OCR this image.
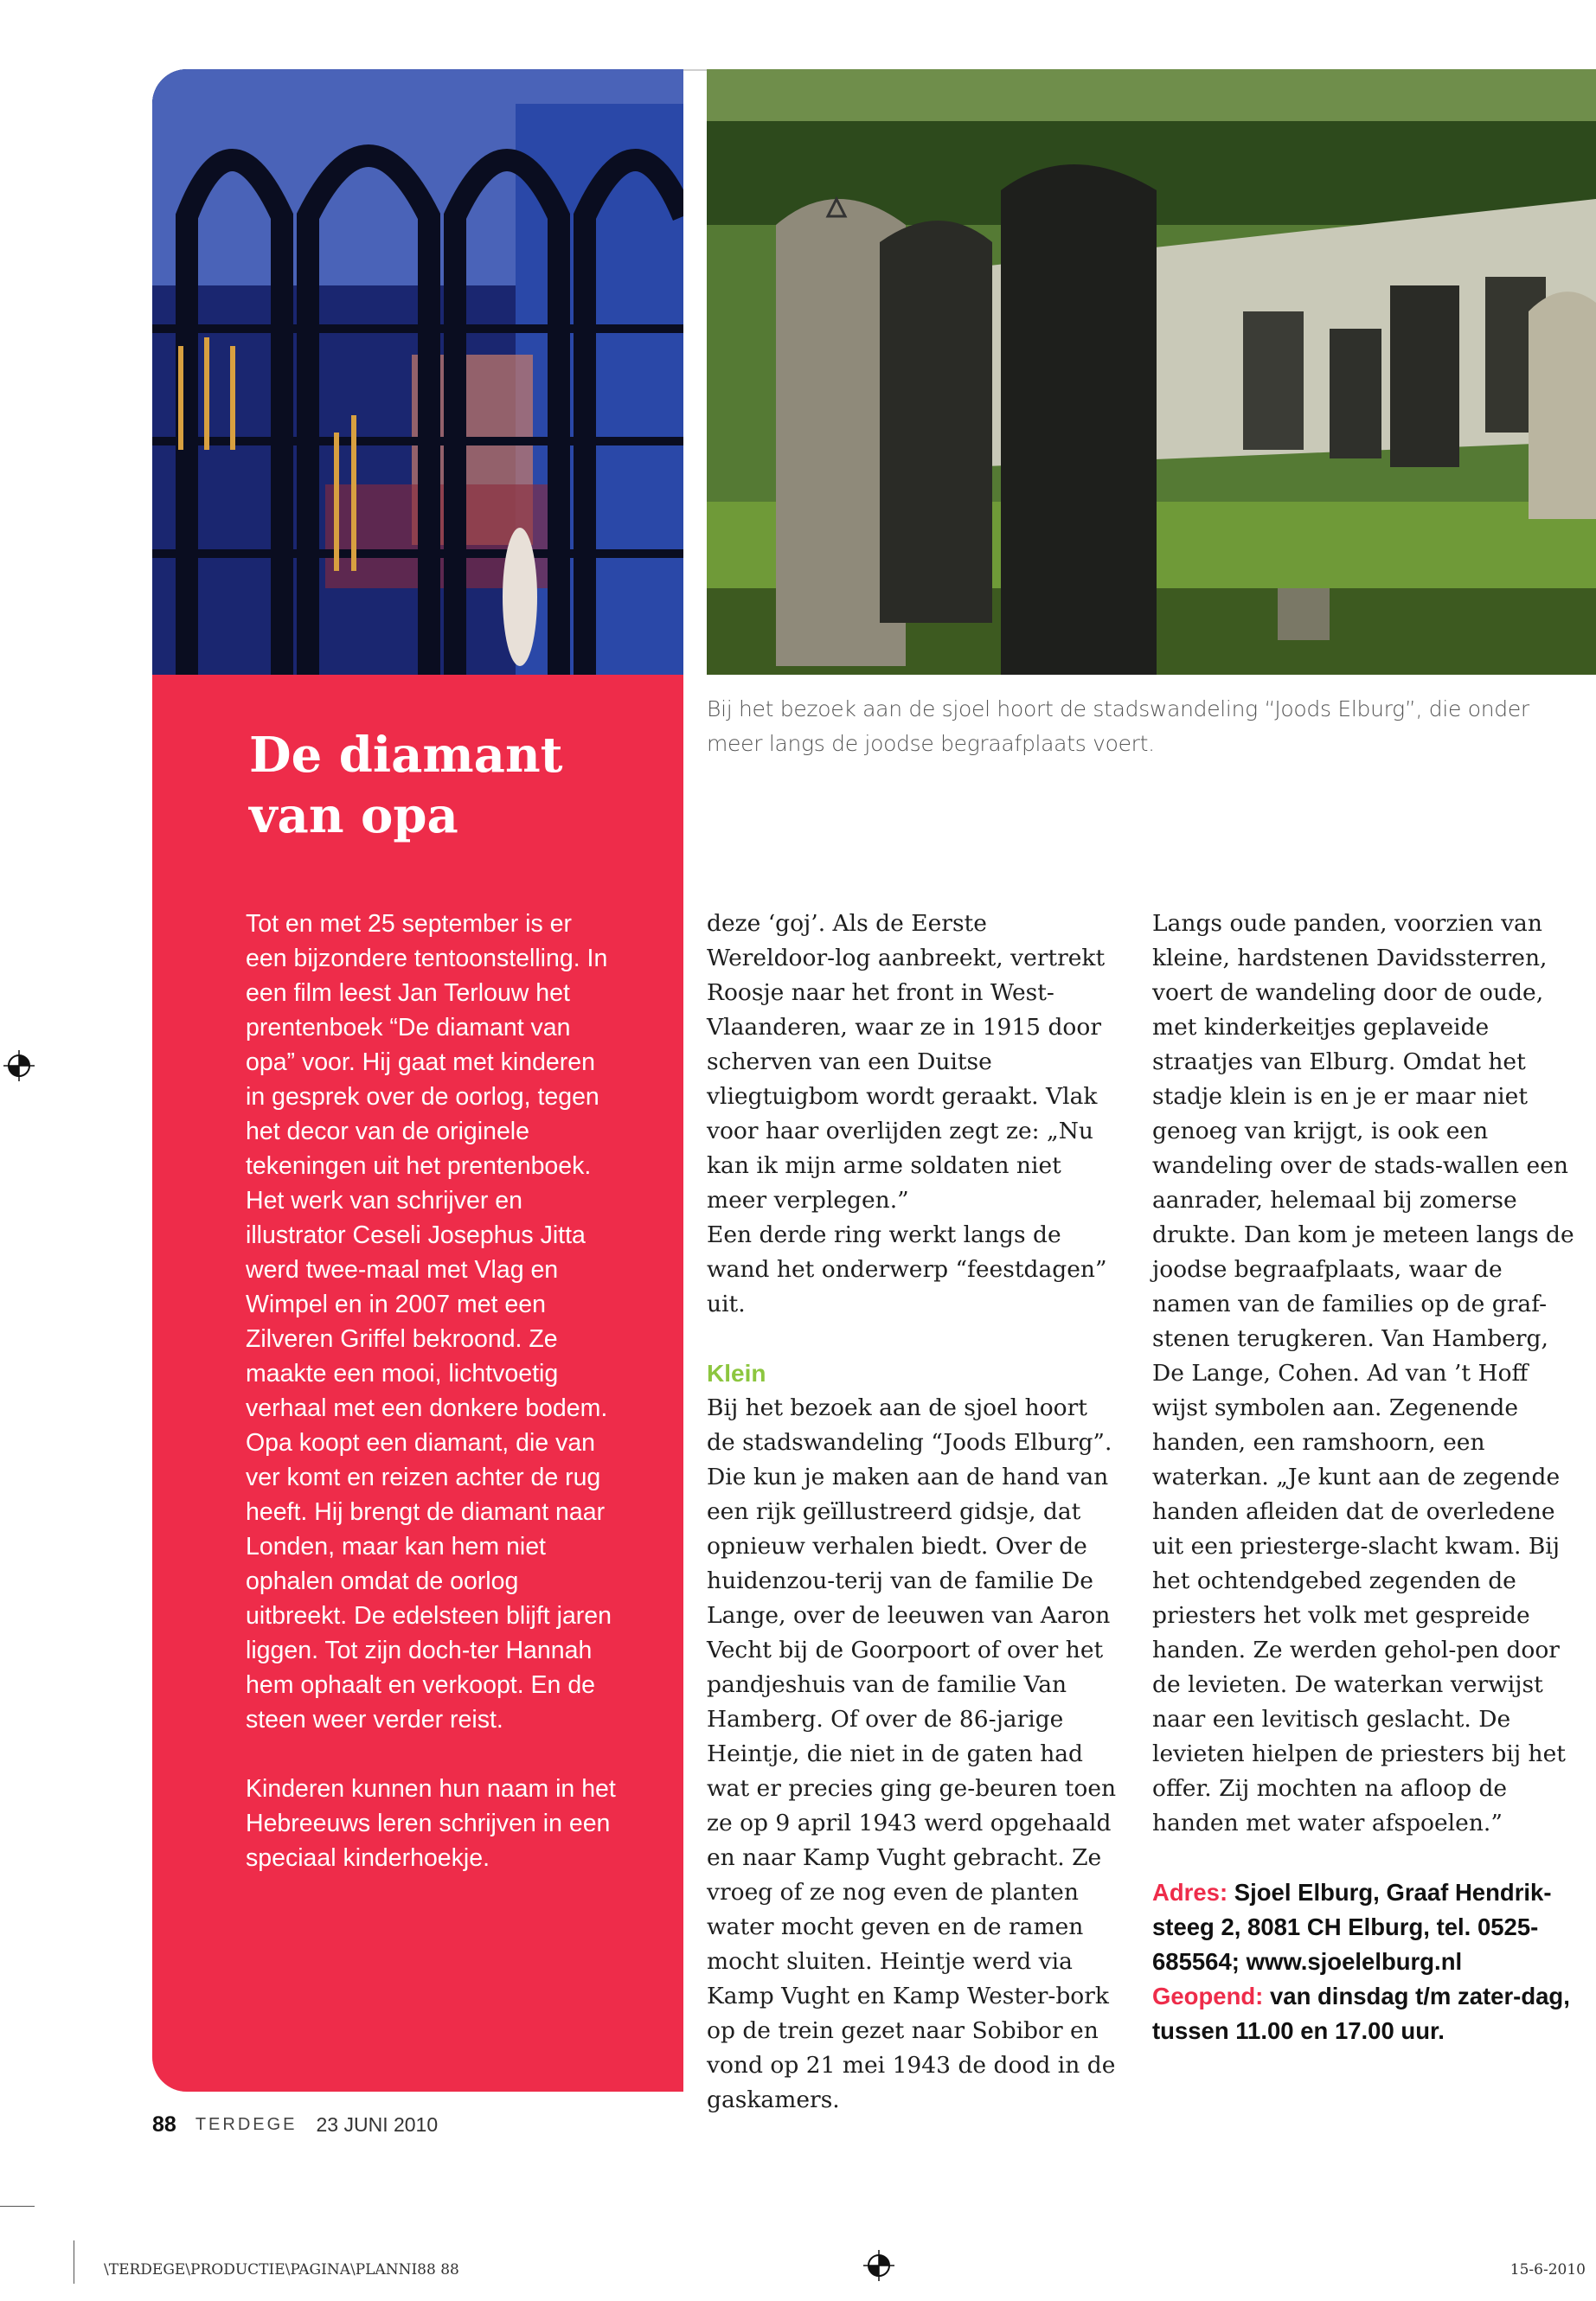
De diamant
van opa

Tot en met 25 september is er een bijzondere tentoonstelling. In een film leest Jan Terlouw het prentenboek “De diamant van opa” voor. Hij gaat met kinderen in gesprek over de oorlog, tegen het decor van de originele tekeningen uit het prentenboek. Het werk van schrijver en illustrator Ceseli Josephus Jitta werd twee-maal met Vlag en Wimpel en in 2007 met een Zilveren Griffel bekroond. Ze maakte een mooi, lichtvoetig verhaal met een donkere bodem. Opa koopt een diamant, die van ver komt en reizen achter de rug heeft. Hij brengt de diamant naar Londen, maar kan hem niet ophalen omdat de oorlog uitbreekt. De edelsteen blijft jaren liggen. Tot zijn doch-ter Hannah hem ophaalt en verkoopt. En de steen weer verder reist.

Kinderen kunnen hun naam in het Hebreeuws leren schrijven in een speciaal kinderhoekje.

Bij het bezoek aan de sjoel hoort de stadswandeling “Joods Elburg”, die onder meer langs de joodse begraafplaats voert.

deze ‘goj’. Als de Eerste Wereldoor-log aanbreekt, vertrekt Roosje naar het front in West-Vlaanderen, waar ze in 1915 door scherven van een Duitse vliegtuigbom wordt geraakt. Vlak voor haar overlijden zegt ze: „Nu kan ik mijn arme soldaten niet meer verplegen.”

Een derde ring werkt langs de wand het onderwerp “feestdagen” uit.

Klein

Bij het bezoek aan de sjoel hoort de stadswandeling “Joods Elburg”. Die kun je maken aan de hand van een rijk geïllustreerd gidsje, dat opnieuw verhalen biedt. Over de huidenzou-terij van de familie De Lange, over de leeuwen van Aaron Vecht bij de Goorpoort of over het pandjeshuis van de familie Van Hamberg. Of over de 86-jarige Heintje, die niet in de gaten had wat er precies ging ge-beuren toen ze op 9 april 1943 werd opgehaald en naar Kamp Vught gebracht. Ze vroeg of ze nog even de planten water mocht geven en de ramen mocht sluiten. Heintje werd via Kamp Vught en Kamp Wester-bork op de trein gezet naar Sobibor en vond op 21 mei 1943 de dood in de gaskamers.

Langs oude panden, voorzien van kleine, hardstenen Davidssterren, voert de wandeling door de oude, met kinderkeitjes geplaveide straatjes van Elburg. Omdat het stadje klein is en je er maar niet genoeg van krijgt, is ook een wandeling over de stads-wallen een aanrader, helemaal bij zomerse drukte. Dan kom je meteen langs de joodse begraafplaats, waar de namen van de families op de graf-stenen terugkeren. Van Hamberg, De Lange, Cohen. Ad van ’t Hoff wijst symbolen aan. Zegenende handen, een ramshoorn, een waterkan. „Je kunt aan de zegende handen afleiden dat de overledene uit een priesterge-slacht kwam. Bij het ochtendgebed zegenden de priesters het volk met gespreide handen. Ze werden gehol-pen door de levieten. De waterkan verwijst naar een levitisch geslacht. De levieten hielpen de priesters bij het offer. Zij mochten na afloop de handen met water afspoelen.”

Adres: Sjoel Elburg, Graaf Hendrik-steeg 2, 8081 CH Elburg, tel. 0525-685564; www.sjoelelburg.nl
Geopend: van dinsdag t/m zater-dag, tussen 11.00 en 17.00 uur.
88 TERDEGE 23 JUNI 2010
\TERDEGE\PRODUCTIE\PAGINA\PLANNI88 88	15-6-2010
